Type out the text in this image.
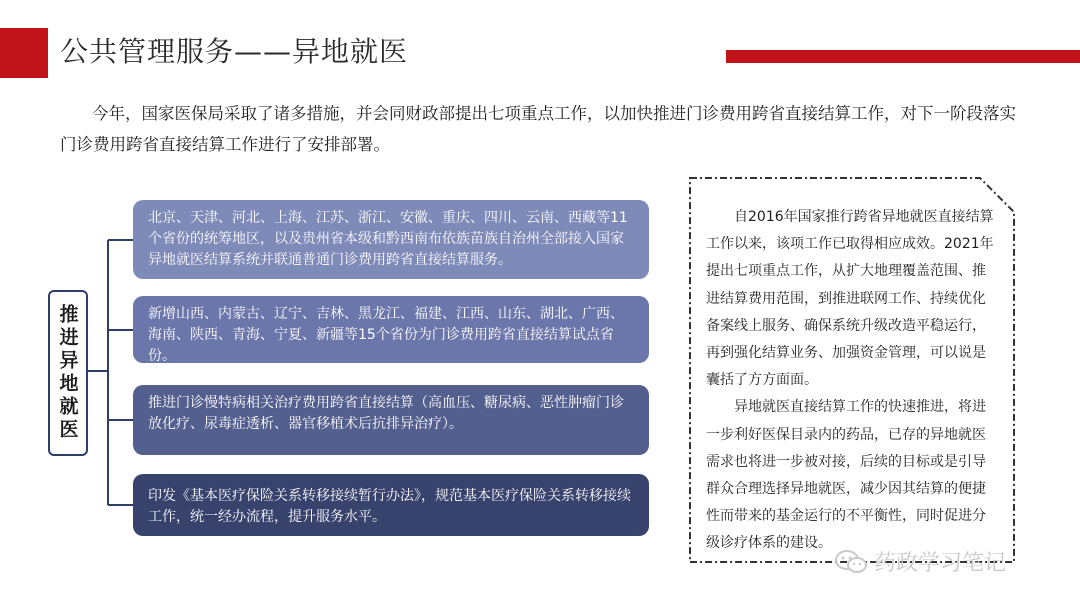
公共管理服务——异地就医
今年，国家医保局采取了诸多措施，并会同财政部提出七项重点工作，以加快推进门诊费用跨省直接结算工作，对下一阶段落实门诊费用跨省直接结算工作进行了安排部署。
推进异地就医
北京、天津、河北、上海、江苏、浙江、安徽、重庆、四川、云南、西藏等11个省份的统筹地区，以及贵州省本级和黔西南布依族苗族自治州全部接入国家异地就医结算系统并联通普通门诊费用跨省直接结算服务。
新增山西、内蒙古、辽宁、吉林、黑龙江、福建、江西、山东、湖北、广西、海南、陕西、青海、宁夏、新疆等15个省份为门诊费用跨省直接结算试点省份。
推进门诊慢特病相关治疗费用跨省直接结算（高血压、糖尿病、恶性肿瘤门诊放化疗、尿毒症透析、器官移植术后抗排异治疗）。
印发《基本医疗保险关系转移接续暂行办法》，规范基本医疗保险关系转移接续工作，统一经办流程，提升服务水平。

自2016年国家推行跨省异地就医直接结算工作以来，该项工作已取得相应成效。2021年提出七项重点工作，从扩大地理覆盖范围、推进结算费用范围，到推进联网工作、持续优化备案线上服务、确保系统升级改造平稳运行，再到强化结算业务、加强资金管理，可以说是囊括了方方面面。

异地就医直接结算工作的快速推进，将进一步利好医保目录内的药品，已存的异地就医需求也将进一步被对接，后续的目标或是引导群众合理选择异地就医，减少因其结算的便捷性而带来的基金运行的不平衡性，同时促进分级诊疗体系的建设。

药政学习笔记
